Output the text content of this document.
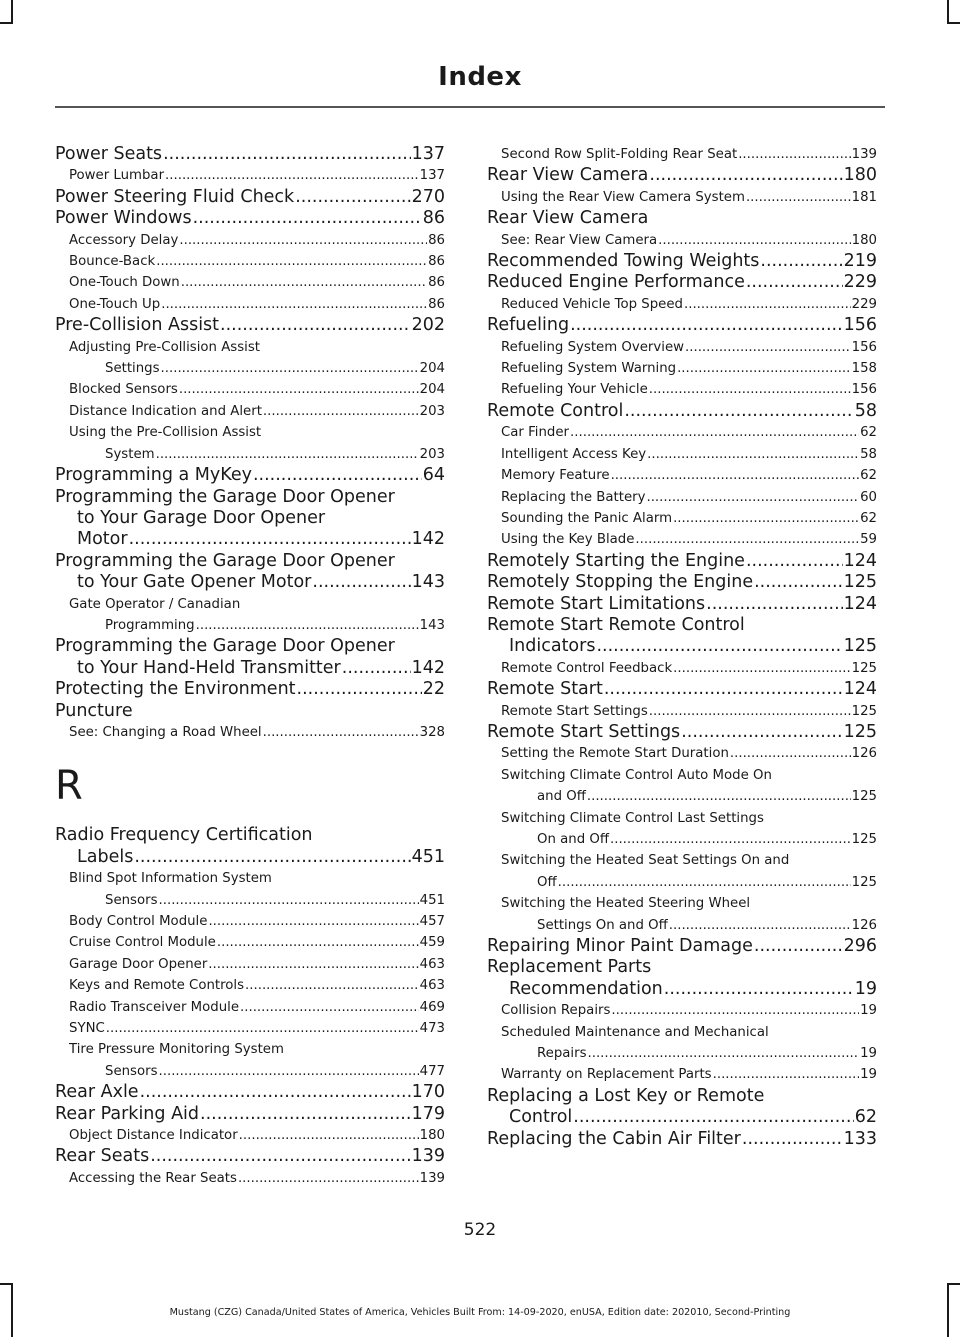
Index
Power Seats .....	137
Power Lumbar .....	137
Power Steering Fluid Check .....	270
Power Windows .....	86
Accessory Delay .....	86
Bounce-Back .....	86
One-Touch Down .....	86
One-Touch Up .....	86
Pre-Collision Assist .....	202
Adjusting Pre-Collision Assist
Settings .....	204
Blocked Sensors .....	204
Distance Indication and Alert .....	203
Using the Pre-Collision Assist
System .....	203
Programming a MyKey .....	64
Programming the Garage Door Opener
to Your Garage Door Opener
Motor .....	142
Programming the Garage Door Opener
to Your Gate Opener Motor .....	143
Gate Operator / Canadian
Programming .....	143
Programming the Garage Door Opener
to Your Hand-Held Transmitter .....	142
Protecting the Environment .....	22
Puncture
See: Changing a Road Wheel .....	328
R
Radio Frequency Certification
Labels .....	451
Blind Spot Information System
Sensors .....	451
Body Control Module .....	457
Cruise Control Module .....	459
Garage Door Opener .....	463
Keys and Remote Controls .....	463
Radio Transceiver Module .....	469
SYNC .....	473
Tire Pressure Monitoring System
Sensors .....	477
Rear Axle .....	170
Rear Parking Aid .....	179
Object Distance Indicator .....	180
Rear Seats .....	139
Accessing the Rear Seats .....	139
Second Row Split-Folding Rear Seat .....	139
Rear View Camera .....	180
Using the Rear View Camera System .....	181
Rear View Camera
See: Rear View Camera .....	180
Recommended Towing Weights .....	219
Reduced Engine Performance .....	229
Reduced Vehicle Top Speed .....	229
Refueling .....	156
Refueling System Overview .....	156
Refueling System Warning .....	158
Refueling Your Vehicle .....	156
Remote Control .....	58
Car Finder .....	62
Intelligent Access Key .....	58
Memory Feature .....	62
Replacing the Battery .....	60
Sounding the Panic Alarm .....	62
Using the Key Blade .....	59
Remotely Starting the Engine .....	124
Remotely Stopping the Engine .....	125
Remote Start Limitations .....	124
Remote Start Remote Control
Indicators .....	125
Remote Control Feedback .....	125
Remote Start .....	124
Remote Start Settings .....	125
Remote Start Settings .....	125
Setting the Remote Start Duration .....	126
Switching Climate Control Auto Mode On
and Off .....	125
Switching Climate Control Last Settings
On and Off .....	125
Switching the Heated Seat Settings On and
Off .....	125
Switching the Heated Steering Wheel
Settings On and Off .....	126
Repairing Minor Paint Damage .....	296
Replacement Parts
Recommendation .....	19
Collision Repairs .....	19
Scheduled Maintenance and Mechanical
Repairs .....	19
Warranty on Replacement Parts .....	19
Replacing a Lost Key or Remote
Control .....	62
Replacing the Cabin Air Filter .....	133
522
Mustang (CZG) Canada/United States of America, Vehicles Built From: 14-09-2020, enUSA, Edition date: 202010, Second-Printing
